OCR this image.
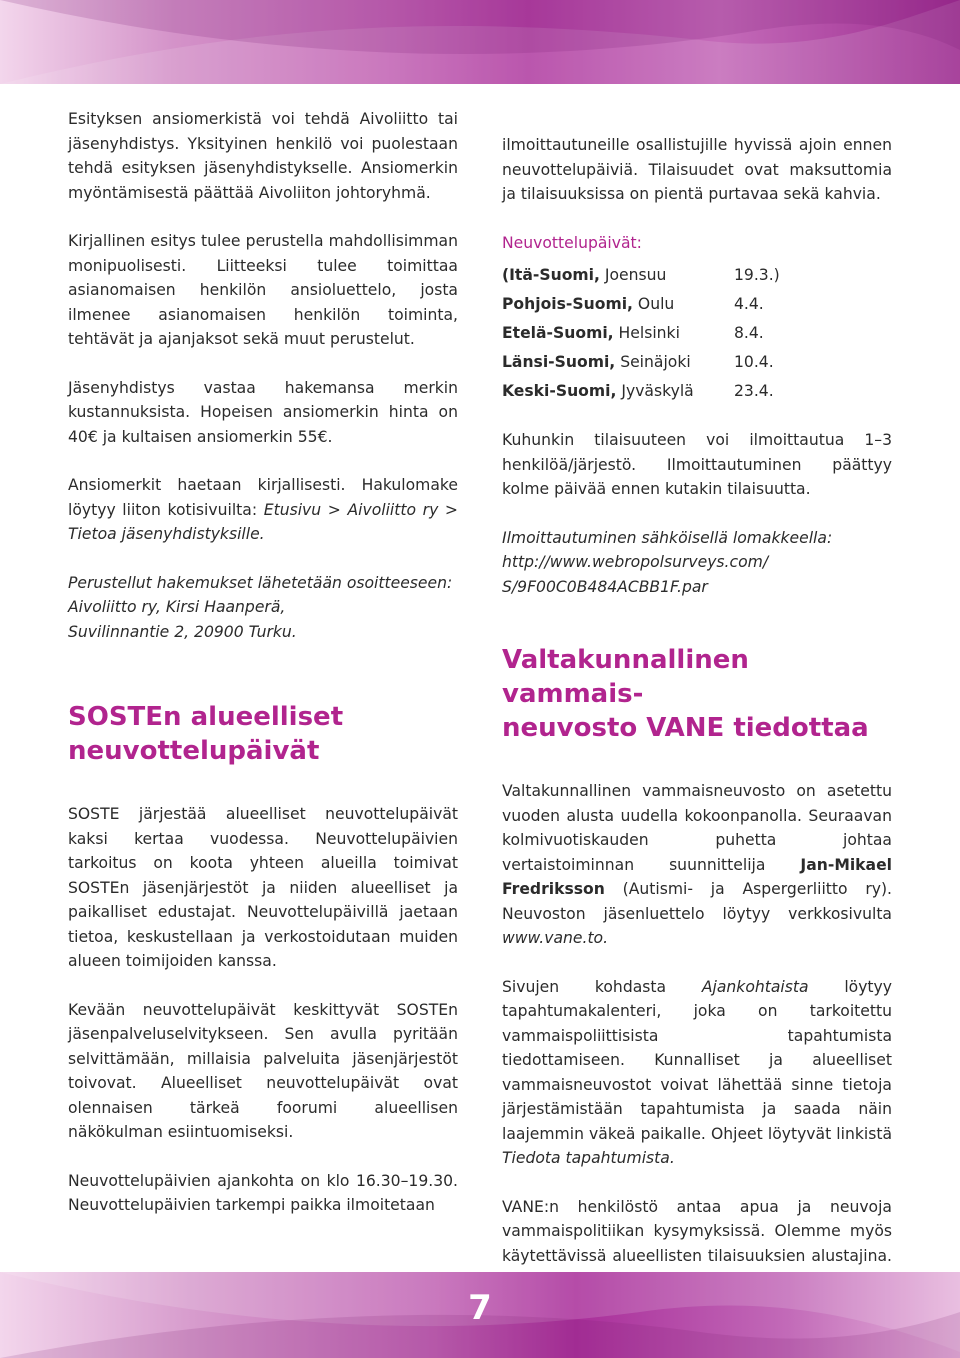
Esityksen ansiomerkistä voi tehdä Aivoliitto tai jäsenyhdistys. Yksityinen henkilö voi puolestaan tehdä esityksen jäsenyhdistykselle. Ansiomerkin myöntämisestä päättää Aivoliiton johtoryhmä.

Kirjallinen esitys tulee perustella mahdollisimman monipuolisesti. Liitteeksi tulee toimittaa asianomaisen henkilön ansioluettelo, josta ilmenee asianomaisen henkilön toiminta, tehtävät ja ajanjaksot sekä muut perustelut.

Jäsenyhdistys vastaa hakemansa merkin kustannuksista. Hopeisen ansiomerkin hinta on 40€ ja kultaisen ansiomerkin 55€.

Ansiomerkit haetaan kirjallisesti. Hakulomake löytyy liiton kotisivuilta: Etusivu > Aivoliitto ry > Tietoa jäsenyhdistyksille.

Perustellut hakemukset lähetetään osoitteeseen:
Aivoliitto ry, Kirsi Haanperä,
Suvilinnantie 2, 20900 Turku.

SOSTEn alueelliset
neuvottelupäivät

SOSTE järjestää alueelliset neuvottelupäivät kaksi kertaa vuodessa. Neuvottelupäivien tarkoitus on koota yhteen alueilla toimivat SOSTEn jäsenjärjestöt ja niiden alueelliset ja paikalliset edustajat. Neuvottelupäivillä jaetaan tietoa, keskustellaan ja verkostoidutaan muiden alueen toimijoiden kanssa.

Kevään neuvottelupäivät keskittyvät SOSTEn jäsenpalveluselvitykseen. Sen avulla pyritään selvittämään, millaisia palveluita jäsenjärjestöt toivovat. Alueelliset neuvottelupäivät ovat olennaisen tärkeä foorumi alueellisen näkökulman esiintuomiseksi.

Neuvottelupäivien ajankohta on klo 16.30–19.30. Neuvottelupäivien tarkempi paikka ilmoitetaan

ilmoittautuneille osallistujille hyvissä ajoin ennen neuvottelupäiviä. Tilaisuudet ovat maksuttomia ja tilaisuuksissa on pientä purtavaa sekä kahvia.

Neuvottelupäivät:
(Itä-Suomi, Joensuu	19.3.)
Pohjois-Suomi, Oulu	4.4.
Etelä-Suomi, Helsinki	8.4.
Länsi-Suomi, Seinäjoki	10.4.
Keski-Suomi, Jyväskylä	23.4.

Kuhunkin tilaisuuteen voi ilmoittautua 1–3 henkilöä/järjestö. Ilmoittautuminen päättyy kolme päivää ennen kutakin tilaisuutta.

Ilmoittautuminen sähköisellä lomakkeella:
http://www.webropolsurveys.com/
S/9F00C0B484ACBB1F.par

Valtakunnallinen vammais-
neuvosto VANE tiedottaa

Valtakunnallinen vammaisneuvosto on asetettu vuoden alusta uudella kokoonpanolla. Seuraavan kolmivuotiskauden puhetta johtaa vertaistoiminnan suunnittelija Jan-Mikael Fredriksson (Autismi- ja Aspergerliitto ry). Neuvoston jäsenluettelo löytyy verkkosivulta www.vane.to.

Sivujen kohdasta Ajankohtaista löytyy tapahtumakalenteri, joka on tarkoitettu vammaispoliittisista tapahtumista tiedottamiseen. Kunnalliset ja alueelliset vammaisneuvostot voivat lähettää sinne tietoja järjestämistään tapahtumista ja saada näin laajemmin väkeä paikalle. Ohjeet löytyvät linkistä Tiedota tapahtumista.

VANE:n henkilöstö antaa apua ja neuvoja vammaispolitiikan kysymyksissä. Olemme myös käytettävissä alueellisten tilaisuuksien alustajina.

7
